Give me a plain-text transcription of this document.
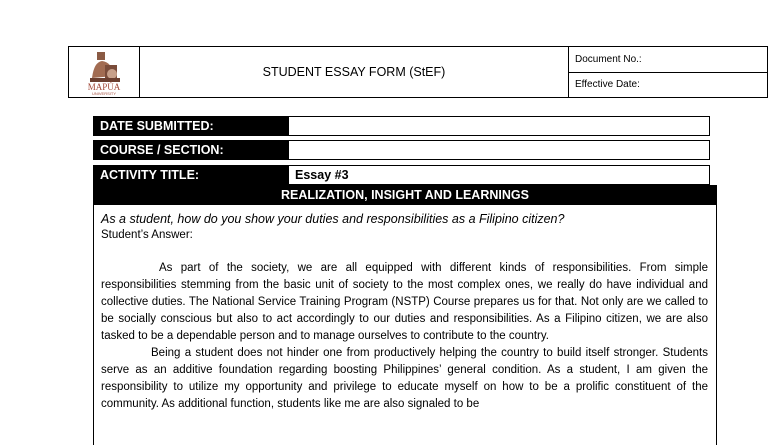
MAPÚA
UNIVERSITY
STUDENT ESSAY FORM (StEF)
Document No.:
Effective Date:
DATE SUBMITTED:
COURSE / SECTION:
ACTIVITY TITLE:	Essay #3
REALIZATION, INSIGHT AND LEARNINGS
As a student, how do you show your duties and responsibilities as a Filipino citizen?
Student’s Answer:

As part of the society, we are all equipped with different kinds of responsibilities. From simple responsibilities stemming from the basic unit of society to the most complex ones, we really do have individual and collective duties. The National Service Training Program (NSTP) Course prepares us for that. Not only are we called to be socially conscious but also to act accordingly to our duties and responsibilities. As a Filipino citizen, we are also tasked to be a dependable person and to manage ourselves to contribute to the country.

Being a student does not hinder one from productively helping the country to build itself stronger. Students serve as an additive foundation regarding boosting Philippines’ general condition. As a student, I am given the responsibility to utilize my opportunity and privilege to educate myself on how to be a prolific constituent of the community. As additional function, students like me are also signaled to be
